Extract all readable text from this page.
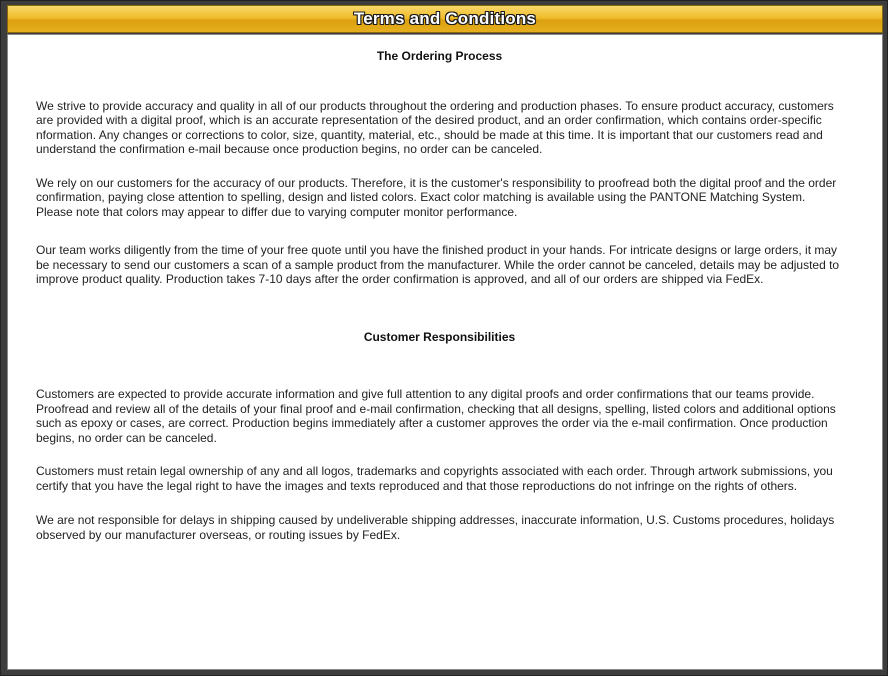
Terms and Conditions
The Ordering Process

We strive to provide accuracy and quality in all of our products throughout the ordering and production phases. To ensure product accuracy, customers are provided with a digital proof, which is an accurate representation of the desired product, and an order confirmation, which contains order-specific nformation. Any changes or corrections to color, size, quantity, material, etc., should be made at this time. It is important that our customers read and understand the confirmation e-mail because once production begins, no order can be canceled.

We rely on our customers for the accuracy of our products. Therefore, it is the customer's responsibility to proofread both the digital proof and the order confirmation, paying close attention to spelling, design and listed colors. Exact color matching is available using the PANTONE Matching System. Please note that colors may appear to differ due to varying computer monitor performance.

Our team works diligently from the time of your free quote until you have the finished product in your hands. For intricate designs or large orders, it may be necessary to send our customers a scan of a sample product from the manufacturer. While the order cannot be canceled, details may be adjusted to improve product quality. Production takes 7-10 days after the order confirmation is approved, and all of our orders are shipped via FedEx.

Customer Responsibilities

Customers are expected to provide accurate information and give full attention to any digital proofs and order confirmations that our teams provide. Proofread and review all of the details of your final proof and e-mail confirmation, checking that all designs, spelling, listed colors and additional options such as epoxy or cases, are correct. Production begins immediately after a customer approves the order via the e-mail confirmation. Once production begins, no order can be canceled.

Customers must retain legal ownership of any and all logos, trademarks and copyrights associated with each order. Through artwork submissions, you certify that you have the legal right to have the images and texts reproduced and that those reproductions do not infringe on the rights of others.

We are not responsible for delays in shipping caused by undeliverable shipping addresses, inaccurate information, U.S. Customs procedures, holidays observed by our manufacturer overseas, or routing issues by FedEx.
